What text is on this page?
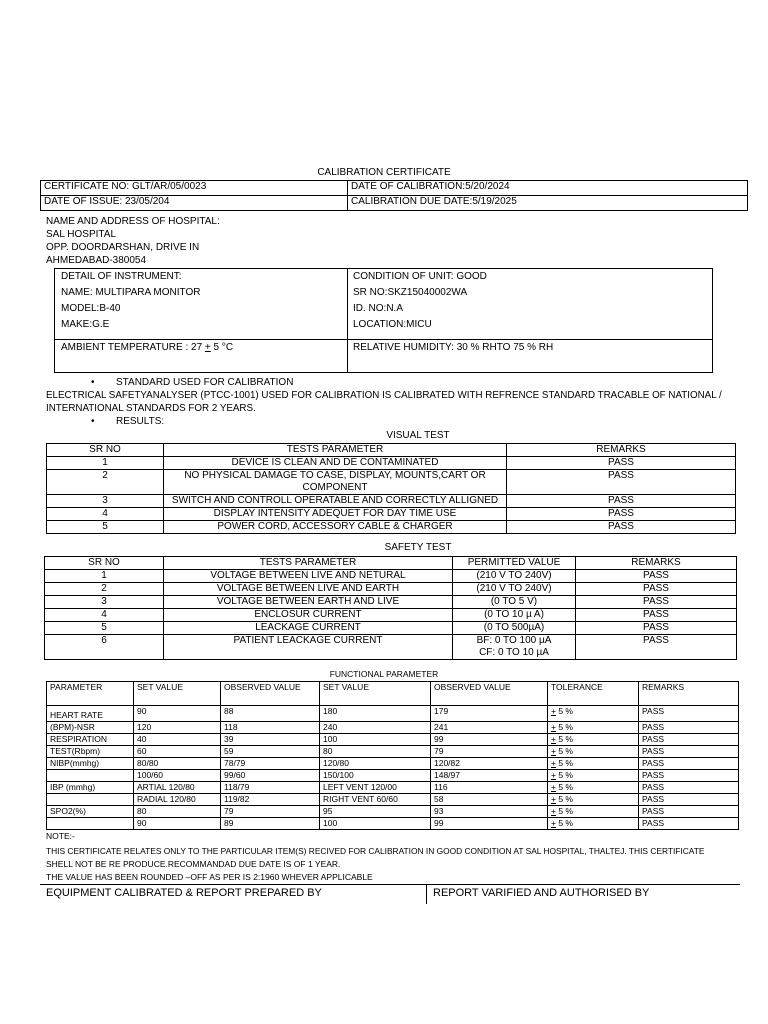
CALIBRATION CERTIFICATE
CERTIFICATE NO: GLT/AR/05/0023	DATE OF CALIBRATION:5/20/2024
DATE OF ISSUE: 23/05/204	CALIBRATION DUE DATE:5/19/2025
NAME AND ADDRESS OF HOSPITAL:
SAL HOSPITAL
OPP. DOORDARSHAN, DRIVE IN
AHMEDABAD-380054
DETAIL OF INSTRUMENT:
NAME: MULTIPARA MONITOR
MODEL:B-40
MAKE:G.E
CONDITION OF UNIT: GOOD
SR NO:SKZ15040002WA
ID. NO:N.A
LOCATION:MICU
AMBIENT TEMPERATURE : 27 + 5 °C	RELATIVE HUMIDITY: 30 % RHTO 75 % RH
• STANDARD USED FOR CALIBRATION
ELECTRICAL SAFETYANALYSER (PTCC-1001) USED FOR CALIBRATION IS CALIBRATED WITH REFRENCE STANDARD TRACABLE OF NATIONAL /
INTERNATIONAL STANDARDS FOR 2 YEARS.
• RESULTS:
VISUAL TEST
SR NO	TESTS PARAMETER	REMARKS
1	DEVICE IS CLEAN AND DE CONTAMINATED	PASS
2	NO PHYSICAL DAMAGE TO CASE, DISPLAY, MOUNTS,CART OR
COMPONENT	PASS
3	SWITCH AND CONTROLL OPERATABLE AND CORRECTLY ALLIGNED	PASS
4	DISPLAY INTENSITY ADEQUET FOR DAY TIME USE	PASS
5	POWER CORD, ACCESSORY CABLE & CHARGER	PASS
SAFETY TEST
SR NO	TESTS PARAMETER	PERMITTED VALUE	REMARKS
1	VOLTAGE BETWEEN LIVE AND NETURAL	(210 V TO 240V)	PASS
2	VOLTAGE BETWEEN LIVE AND EARTH	(210 V TO 240V)	PASS
3	VOLTAGE BETWEEN EARTH AND LIVE	(0 TO 5 V)	PASS
4	ENCLOSUR CURRENT	(0 TO 10 µ A)	PASS
5	LEACKAGE CURRENT	(0 TO 500µA)	PASS
6	PATIENT LEACKAGE CURRENT	BF: 0 TO 100 µA
CF: 0 TO 10 µA	PASS
FUNCTIONAL PARAMETER
PARAMETER	SET VALUE	OBSERVED VALUE	SET VALUE	OBSERVED VALUE	TOLERANCE	REMARKS
HEART RATE	90	88	180	179	+ 5 %	PASS
(BPM)-NSR	120	118	240	241	+ 5 %	PASS
RESPIRATION	40	39	100	99	+ 5 %	PASS
TEST(Rbpm)	60	59	80	79	+ 5 %	PASS
NIBP(mmhg)	80/80	78/79	120/80	120/82	+ 5 %	PASS
	100/60	99/60	150/100	148/97	+ 5 %	PASS
IBP (mmhg)	ARTIAL 120/80	118/79	LEFT VENT 120/00	116	+ 5 %	PASS
	RADIAL 120/80	119/82	RIGHT VENT 60/60	58	+ 5 %	PASS
SPO2(%)	80	79	95	93	+ 5 %	PASS
	90	89	100	99	+ 5 %	PASS
NOTE:-
THIS CERTIFICATE RELATES ONLY TO THE PARTICULAR ITEM(S) RECIVED FOR CALIBRATION IN GOOD CONDITION AT SAL HOSPITAL, THALTEJ. THIS CERTIFICATE
SHELL NOT BE RE PRODUCE.RECOMMANDAD DUE DATE IS OF 1 YEAR.
THE VALUE HAS BEEN ROUNDED –OFF AS PER IS 2:1960 WHEVER APPLICABLE
EQUIPMENT CALIBRATED & REPORT PREPARED BY	REPORT VARIFIED AND AUTHORISED BY
